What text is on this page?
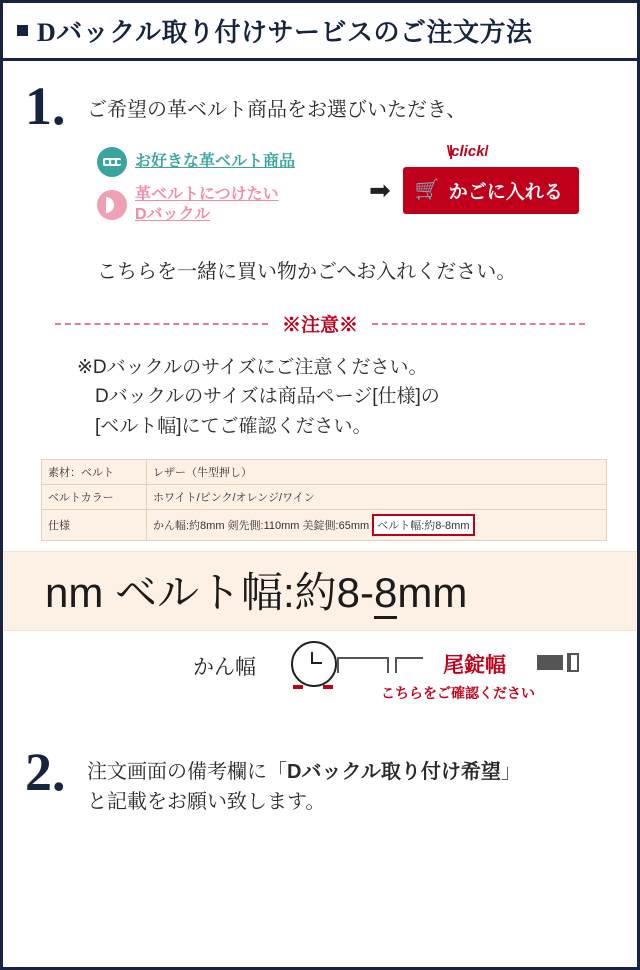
Dバックル取り付けサービスのご注文方法
1.	ご希望の革ベルト商品をお選びいただき、
お好きな革ベルト商品
革ベルトにつけたい
Dバックル
➡
\|click/
🛒 かごに入れる
こちらを一緒に買い物かごへお入れください。
※注意※
※Dバックルのサイズにご注意ください。
Dバックルのサイズは商品ページ[仕様]の
[ベルト幅]にてご確認ください。
素材：ベルト	レザー（牛型押し）
ベルトカラー	ホワイト/ピンク/オレンジ/ワイン
仕様	かん幅:約8mm 剣先側:110mm 美錠側:65mm ベルト幅:約8-8mm
nm ベルト幅:約8-8mm
かん幅	尾錠幅
こちらをご確認ください
2.	注文画面の備考欄に「Dバックル取り付け希望」
と記載をお願い致します。
